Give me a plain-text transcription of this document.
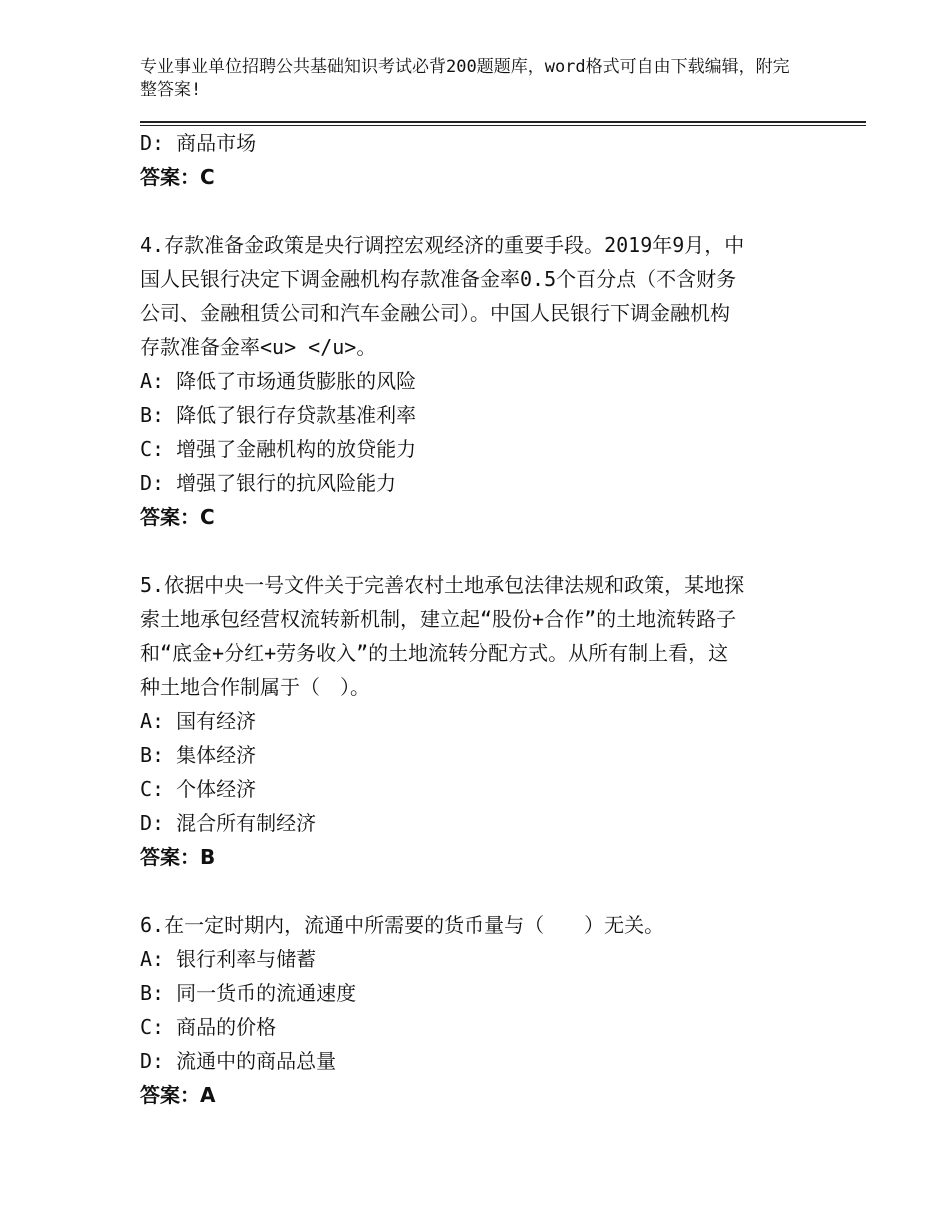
专业事业单位招聘公共基础知识考试必背200题题库，word格式可自由下载编辑，附完整答案!
D: 商品市场
答案：C
4.存款准备金政策是央行调控宏观经济的重要手段。2019年9月，中
国人民银行决定下调金融机构存款准备金率0.5个百分点（不含财务
公司、金融租赁公司和汽车金融公司）。中国人民银行下调金融机构
存款准备金率<u> </u>。
A: 降低了市场通货膨胀的风险
B: 降低了银行存贷款基准利率
C: 增强了金融机构的放贷能力
D: 增强了银行的抗风险能力
答案：C
5.依据中央一号文件关于完善农村土地承包法律法规和政策，某地探
索土地承包经营权流转新机制，建立起“股份+合作”的土地流转路子
和“底金+分红+劳务收入”的土地流转分配方式。从所有制上看，这
种土地合作制属于（　）。
A: 国有经济
B: 集体经济
C: 个体经济
D: 混合所有制经济
答案：B
6.在一定时期内，流通中所需要的货币量与（　　）无关。
A: 银行利率与储蓄
B: 同一货币的流通速度
C: 商品的价格
D: 流通中的商品总量
答案：A
